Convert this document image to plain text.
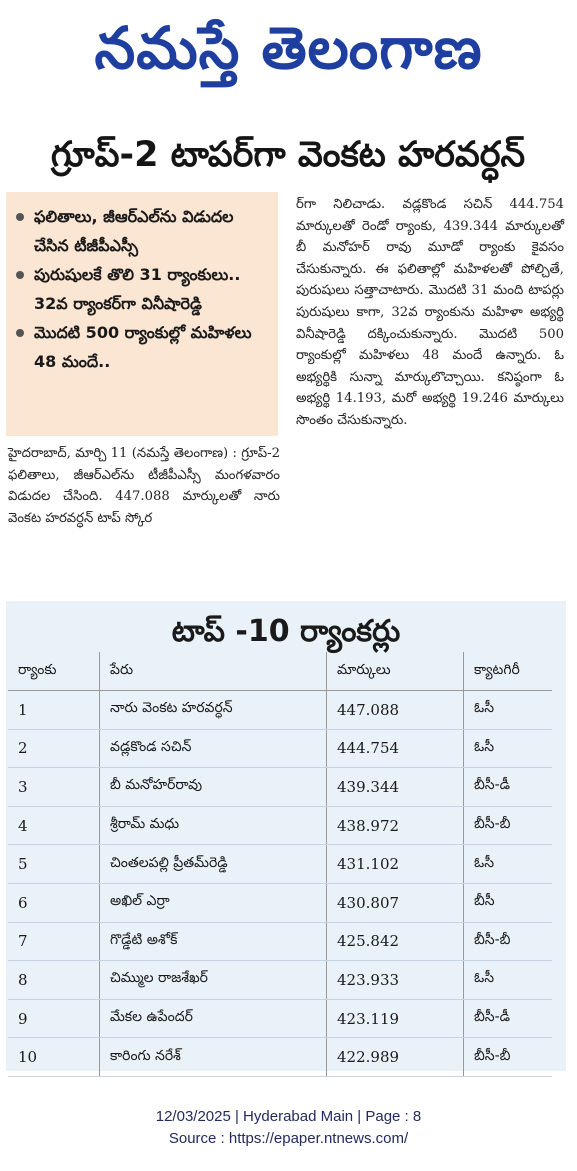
నమస్తే తెలంగాణ
గ్రూప్-2 టాపర్‌గా వెంకట హరవర్ధన్
ఫలితాలు, జీఆర్‌ఎల్‌ను విడుదల చేసిన టీజీపీఎస్సీ
పురుషులకే తొలి 31 ర్యాంకులు.. 32వ ర్యాంకర్‌గా వినీషారెడ్డి
మొదటి 500 ర్యాంకుల్లో మహిళలు 48 మందే..
హైదరాబాద్, మార్చి 11 (నమస్తే తెలంగాణ) : గ్రూప్-2 ఫలితాలు, జీఆర్‌ఎల్‌ను టీజీపీఎస్సీ మంగళవారం విడుదల చేసింది. 447.088 మార్కులతో నారు వెంకట హరవర్ధన్ టాప్ స్కోర
ర్‌గా నిలిచాడు. వడ్లకొండ సచిన్ 444.754 మార్కులతో రెండో ర్యాంకు, 439.344 మార్కులతో బీ మనోహర్ రావు మూడో ర్యాంకు కైవసం చేసుకున్నారు. ఈ ఫలితాల్లో మహిళలతో పోల్చితే, పురుషులు సత్తాచాటారు. మొదటి 31 మంది టాపర్లు పురుషులు కాగా, 32వ ర్యాంకును మహిళా అభ్యర్థి వినీషారెడ్డి దక్కించుకున్నారు. మొదటి 500 ర్యాంకుల్లో మహిళలు 48 మందే ఉన్నారు. ఓ అభ్యర్థికి సున్నా మార్కులొచ్చాయి. కనిష్ఠంగా ఓ అభ్యర్థి 14.193, మరో అభ్యర్థి 19.246 మార్కులు సొంతం చేసుకున్నారు.
టాప్ -10 ర్యాంకర్లు
ర్యాంకు	పేరు	మార్కులు	క్యాటగిరీ
1	నారు వెంకట హరవర్ధన్	447.088	ఓసీ
2	వడ్లకొండ సచిన్	444.754	ఓసీ
3	బీ మనోహర్‌రావు	439.344	బీసీ-డీ
4	శ్రీరామ్ మధు	438.972	బీసీ-బీ
5	చింతలపల్లి ప్రీతమ్‌రెడ్డి	431.102	ఓసీ
6	అఖిల్ ఎర్రా	430.807	బీసీ
7	గొడ్డేటి అశోక్	425.842	బీసీ-బీ
8	చిమ్ముల రాజశేఖర్	423.933	ఓసీ
9	మేకల ఉపేందర్	423.119	బీసీ-డీ
10	కారింగు నరేశ్	422.989	బీసీ-బీ
12/03/2025 | Hyderabad Main | Page : 8
Source : https://epaper.ntnews.com/
